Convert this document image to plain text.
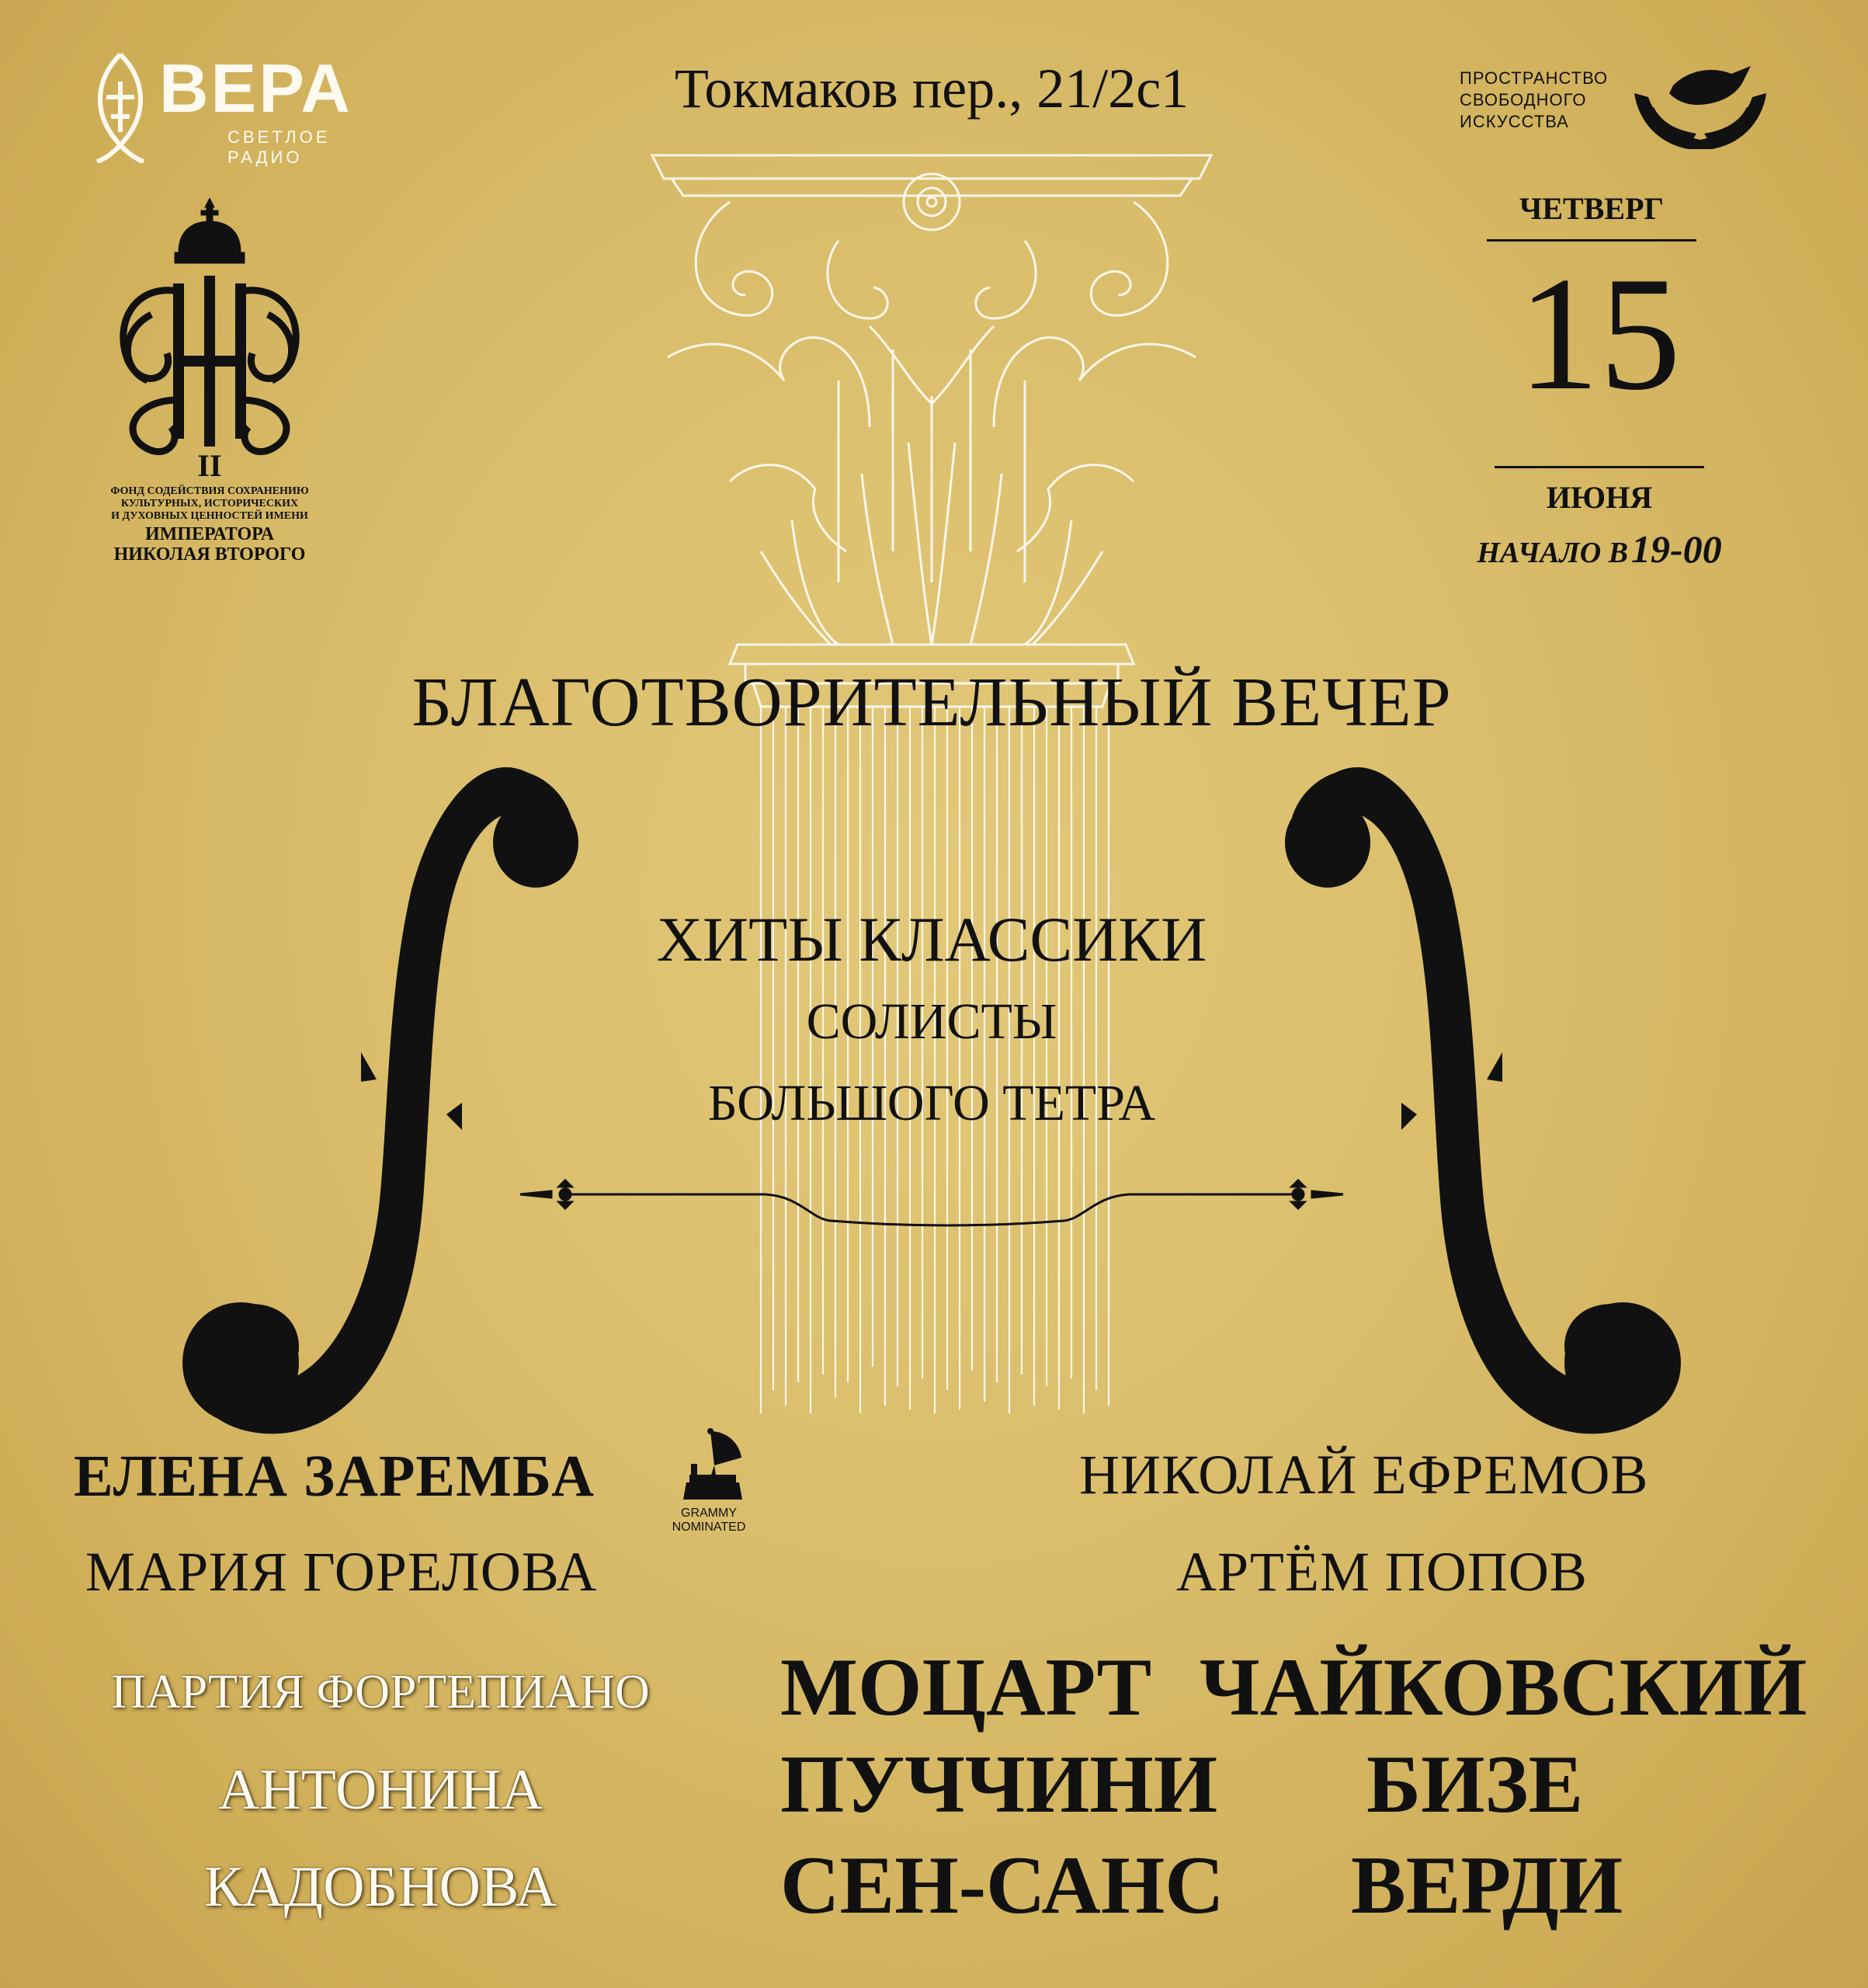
ВЕРА
СВЕТЛОЕ РАДИО
II
ФОНД СОДЕЙСТВИЯ СОХРАНЕНИЮ
КУЛЬТУРНЫХ, ИСТОРИЧЕСКИХ
И ДУХОВНЫХ ЦЕННОСТЕЙ ИМЕНИ
ИМПЕРАТОРА
НИКОЛАЯ ВТОРОГО
Токмаков пер., 21/2с1	ПРОСТРАНСТВО
СВОБОДНОГО
ИСКУССТВА
ЧЕТВЕРГ
15
ИЮНЯ
НАЧАЛО В 19-00
БЛАГОТВОРИТЕЛЬНЫЙ ВЕЧЕР
ХИТЫ КЛАССИКИ
СОЛИСТЫ
БОЛЬШОГО ТЕТРА
ЕЛЕНА ЗАРЕМБА
GRAMMY
NOMINATED
МАРИЯ ГОРЕЛОВА
НИКОЛАЙ ЕФРЕМОВ
АРТЁМ ПОПОВ
ПАРТИЯ ФОРТЕПИАНО
АНТОНИНА
КАДОБНОВА
МОЦАРТ ЧАЙКОВСКИЙ
ПУЧЧИНИ БИЗЕ
СЕН-САНС ВЕРДИ
